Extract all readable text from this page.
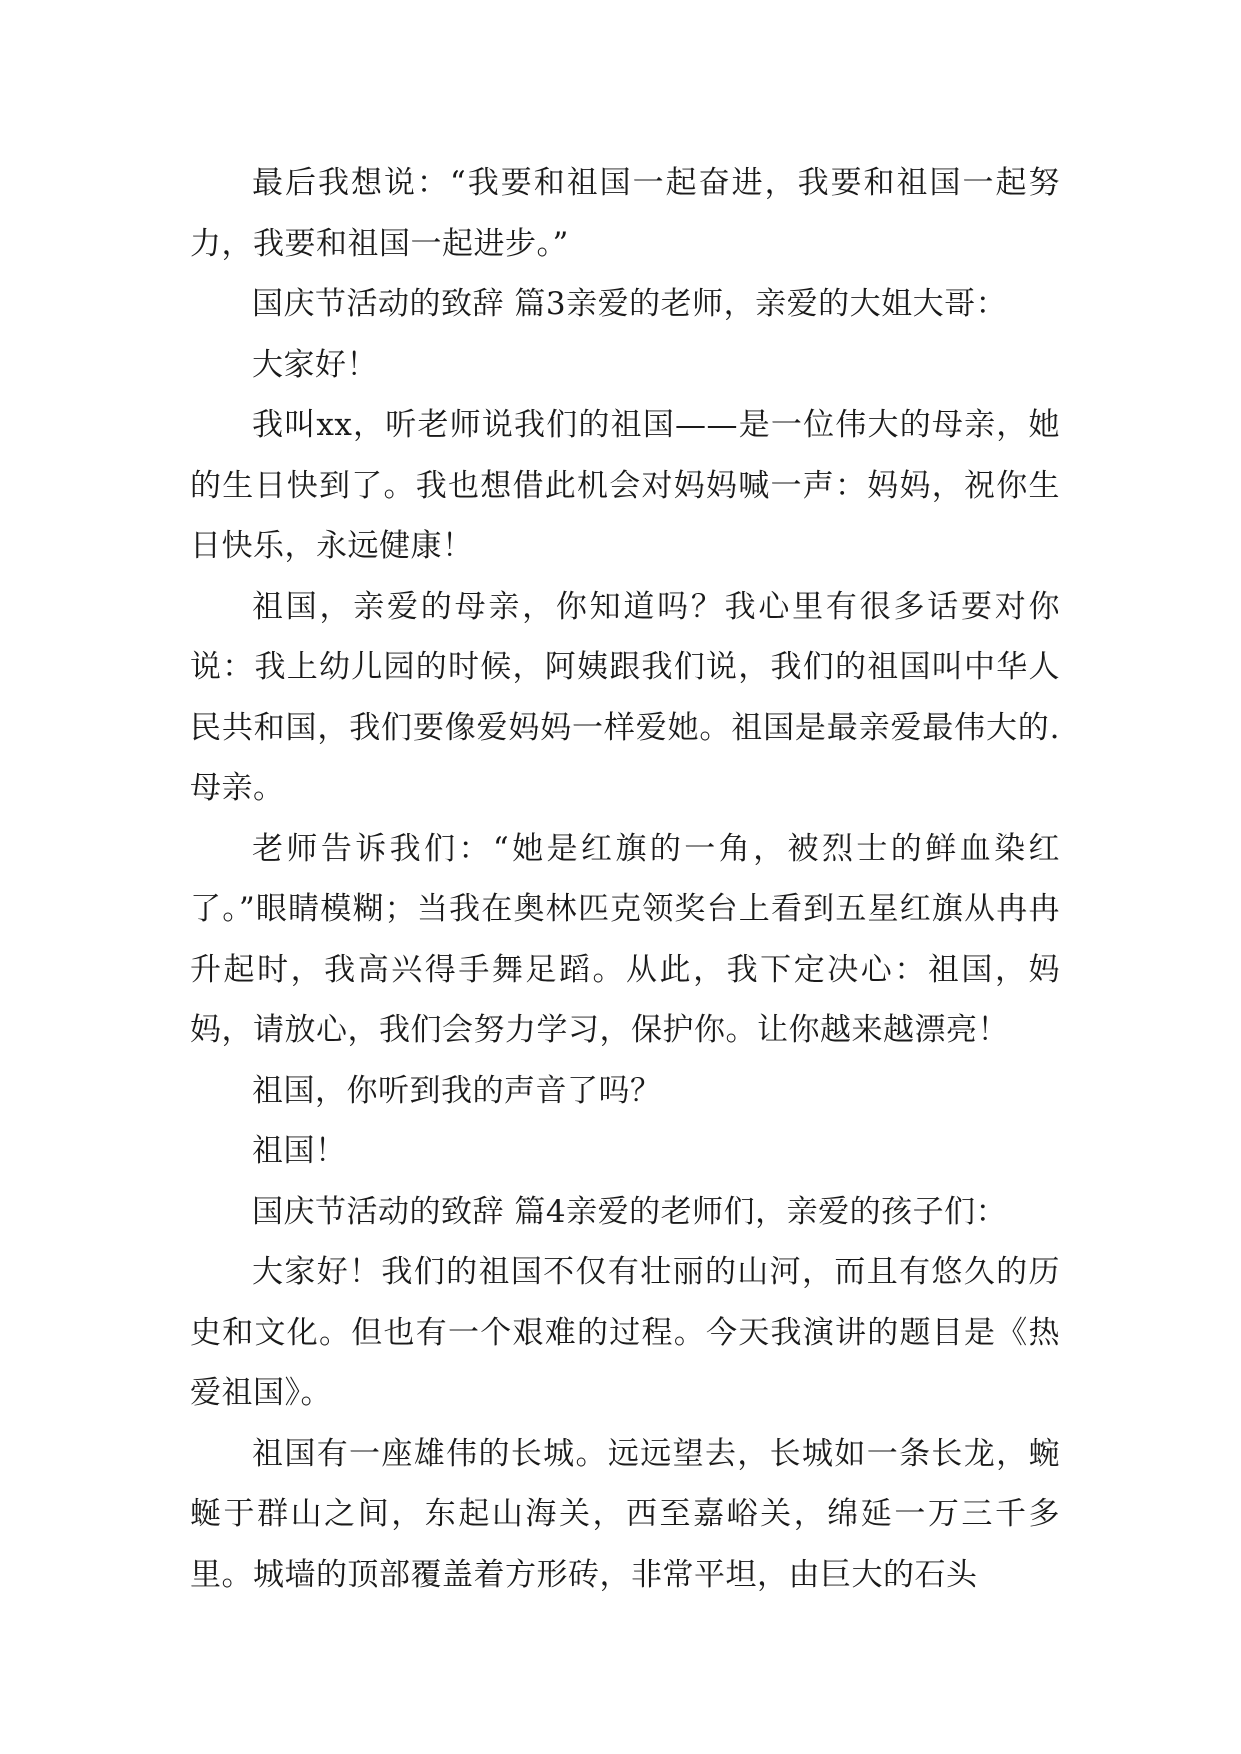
最后我想说：“我要和祖国一起奋进，我要和祖国一起努力，我要和祖国一起进步。”

国庆节活动的致辞 篇3亲爱的老师，亲爱的大姐大哥：

大家好！

我叫xx，听老师说我们的祖国——是一位伟大的母亲，她的生日快到了。我也想借此机会对妈妈喊一声：妈妈，祝你生日快乐，永远健康！

祖国，亲爱的母亲，你知道吗？我心里有很多话要对你说：我上幼儿园的时候，阿姨跟我们说，我们的祖国叫中华人民共和国，我们要像爱妈妈一样爱她。祖国是最亲爱最伟大的.母亲。

老师告诉我们：“她是红旗的一角，被烈士的鲜血染红了。”眼睛模糊；当我在奥林匹克领奖台上看到五星红旗从冉冉升起时，我高兴得手舞足蹈。从此，我下定决心：祖国，妈妈，请放心，我们会努力学习，保护你。让你越来越漂亮！

祖国，你听到我的声音了吗？

祖国！

国庆节活动的致辞 篇4亲爱的老师们，亲爱的孩子们：

大家好！我们的祖国不仅有壮丽的山河，而且有悠久的历史和文化。但也有一个艰难的过程。今天我演讲的题目是《热爱祖国》。

祖国有一座雄伟的长城。远远望去，长城如一条长龙，蜿蜒于群山之间，东起山海关，西至嘉峪关，绵延一万三千多里。城墙的顶部覆盖着方形砖，非常平坦，由巨大的石头
